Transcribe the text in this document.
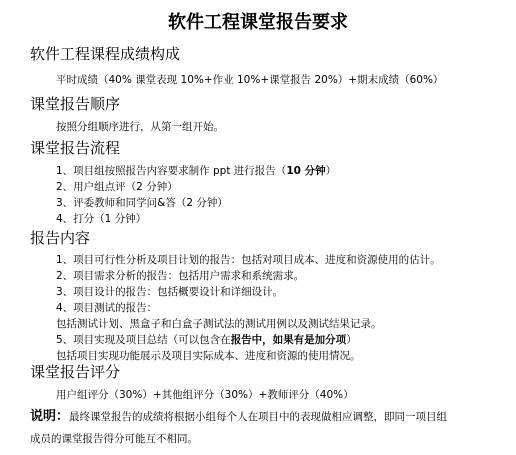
软件工程课堂报告要求
软件工程课程成绩构成
平时成绩（40% 课堂表现 10%+作业 10%+课堂报告 20%）+期末成绩（60%）
课堂报告顺序
按照分组顺序进行，从第一组开始。
课堂报告流程
1、项目组按照报告内容要求制作 ppt 进行报告（10 分钟）
2、用户组点评（2 分钟）
3、评委教师和同学问&答（2 分钟）
4、打分（1 分钟）
报告内容
1、项目可行性分析及项目计划的报告：包括对项目成本、进度和资源使用的估计。
2、项目需求分析的报告：包括用户需求和系统需求。
3、项目设计的报告：包括概要设计和详细设计。
4、项目测试的报告：
包括测试计划、黑盒子和白盒子测试法的测试用例以及测试结果记录。
5、项目实现及项目总结（可以包含在报告中，如果有是加分项）
包括项目实现功能展示及项目实际成本、进度和资源的使用情况。
课堂报告评分
用户组评分（30%）+其他组评分（30%）+教师评分（40%）
说明：最终课堂报告的成绩将根据小组每个人在项目中的表现做相应调整，即同一项目组
成员的课堂报告得分可能互不相同。
